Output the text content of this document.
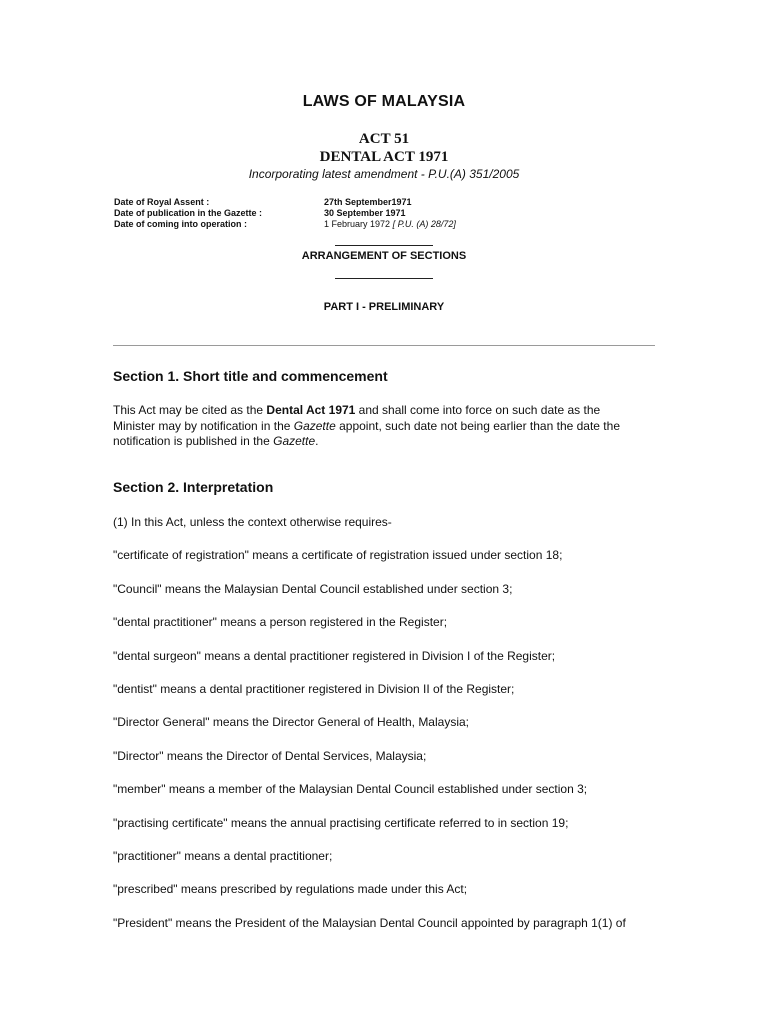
LAWS OF MALAYSIA
ACT 51
DENTAL ACT 1971
Incorporating latest amendment - P.U.(A) 351/2005
Date of Royal Assent :	27th September1971
Date of publication in the Gazette :	30 September 1971
Date of coming into operation :	1 February 1972 [ P.U. (A) 28/72]
ARRANGEMENT OF SECTIONS
PART I - PRELIMINARY
Section 1. Short title and commencement
This Act may be cited as the Dental Act 1971 and shall come into force on such date as the
Minister may by notification in the Gazette appoint, such date not being earlier than the date the
notification is published in the Gazette.
Section 2. Interpretation
(1) In this Act, unless the context otherwise requires-
"certificate of registration" means a certificate of registration issued under section 18;
"Council" means the Malaysian Dental Council established under section 3;
"dental practitioner" means a person registered in the Register;
"dental surgeon" means a dental practitioner registered in Division I of the Register;
"dentist" means a dental practitioner registered in Division II of the Register;
"Director General" means the Director General of Health, Malaysia;
"Director" means the Director of Dental Services, Malaysia;
"member" means a member of the Malaysian Dental Council established under section 3;
"practising certificate" means the annual practising certificate referred to in section 19;
"practitioner" means a dental practitioner;
"prescribed" means prescribed by regulations made under this Act;
"President" means the President of the Malaysian Dental Council appointed by paragraph 1(1) of
